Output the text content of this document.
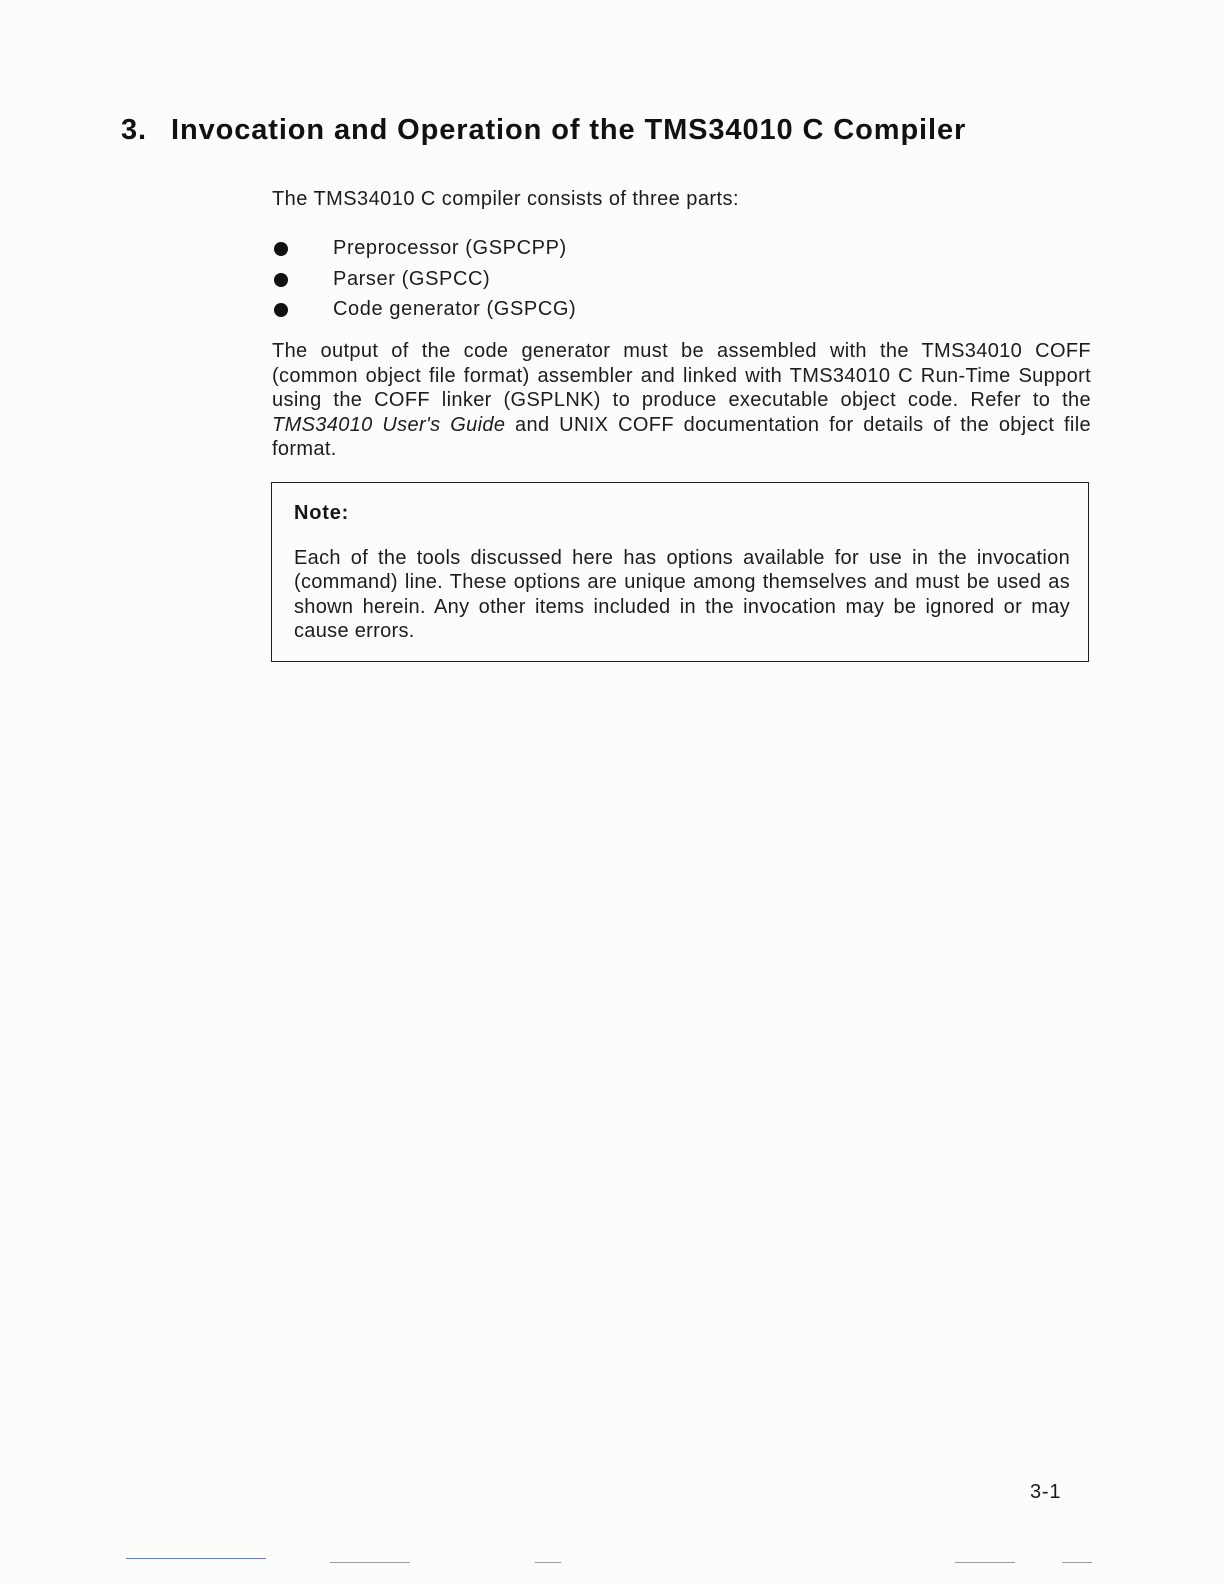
3. Invocation and Operation of the TMS34010 C Compiler
The TMS34010 C compiler consists of three parts:
Preprocessor (GSPCPP)
Parser (GSPCC)
Code generator (GSPCG)
The output of the code generator must be assembled with the TMS34010 COFF (common object file format) assembler and linked with TMS34010 C Run-Time Support using the COFF linker (GSPLNK) to produce executable object code. Refer to the TMS34010 User's Guide and UNIX COFF documentation for details of the object file format.
Note:
Each of the tools discussed here has options available for use in the invocation (command) line. These options are unique among themselves and must be used as shown herein. Any other items included in the invocation may be ignored or may cause errors.
3-1
